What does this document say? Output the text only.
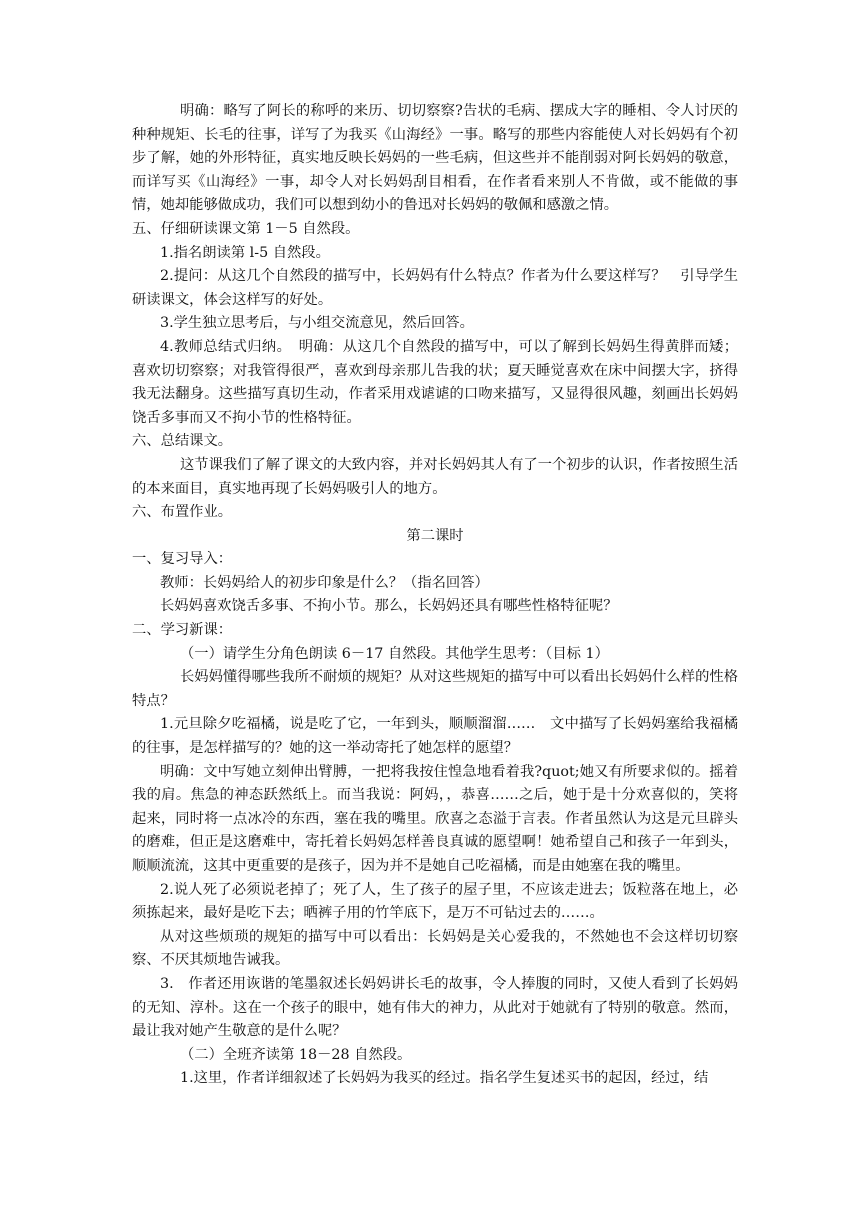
明确：略写了阿长的称呼的来历、切切察察?告状的毛病、摆成大字的睡相、令人讨厌的种种规矩、长毛的往事，详写了为我买《山海经》一事。略写的那些内容能使人对长妈妈有个初步了解，她的外形特征，真实地反映长妈妈的一些毛病，但这些并不能削弱对阿长妈妈的敬意，而详写买《山海经》一事，却令人对长妈妈刮目相看，在作者看来别人不肯做，或不能做的事情，她却能够做成功，我们可以想到幼小的鲁迅对长妈妈的敬佩和感激之情。

五、仔细研读课文第 1－5 自然段。

1.指名朗读第 l-5 自然段。

2.提问：从这几个自然段的描写中，长妈妈有什么特点？作者为什么要这样写？　引导学生研读课文，体会这样写的好处。

3.学生独立思考后，与小组交流意见，然后回答。

4.教师总结式归纳。　明确：从这几个自然段的描写中，可以了解到长妈妈生得黄胖而矮；喜欢切切察察；对我管得很严，喜欢到母亲那儿告我的状；夏天睡觉喜欢在床中间摆大字，挤得我无法翻身。这些描写真切生动，作者采用戏谑谑的口吻来描写，又显得很风趣，刻画出长妈妈饶舌多事而又不拘小节的性格特征。

六、总结课文。

这节课我们了解了课文的大致内容，并对长妈妈其人有了一个初步的认识，作者按照生活的本来面目，真实地再现了长妈妈吸引人的地方。

六、布置作业。

第二课时

一、复习导入：

教师：长妈妈给人的初步印象是什么？（指名回答）

长妈妈喜欢饶舌多事、不拘小节。那么，长妈妈还具有哪些性格特征呢？

二、学习新课：

（一）请学生分角色朗读 6－17 自然段。其他学生思考：（目标 1）

长妈妈懂得哪些我所不耐烦的规矩？从对这些规矩的描写中可以看出长妈妈什么样的性格特点？

1.元旦除夕吃福橘，说是吃了它，一年到头，顺顺溜溜……　文中描写了长妈妈塞给我福橘的往事，是怎样描写的？她的这一举动寄托了她怎样的愿望？

明确：文中写她立刻伸出臂膊，一把将我按住惶急地看着我?quot;她又有所要求似的。摇着我的肩。焦急的神态跃然纸上。而当我说：阿妈，，恭喜……之后，她于是十分欢喜似的，笑将起来，同时将一点冰冷的东西，塞在我的嘴里。欣喜之态溢于言表。作者虽然认为这是元旦辟头的磨难，但正是这磨难中，寄托着长妈妈怎样善良真诚的愿望啊！她希望自己和孩子一年到头，顺顺流流，这其中更重要的是孩子，因为并不是她自己吃福橘，而是由她塞在我的嘴里。

2.说人死了必须说老掉了；死了人，生了孩子的屋子里，不应该走进去；饭粒落在地上，必须拣起来，最好是吃下去；晒裤子用的竹竿底下，是万不可钻过去的……。

从对这些烦琐的规矩的描写中可以看出：长妈妈是关心爱我的，不然她也不会这样切切察察、不厌其烦地告诫我。

3.　作者还用诙谐的笔墨叙述长妈妈讲长毛的故事，令人捧腹的同时，又使人看到了长妈妈的无知、淳朴。这在一个孩子的眼中，她有伟大的神力，从此对于她就有了特别的敬意。然而，最让我对她产生敬意的是什么呢？

（二）全班齐读第 18－28 自然段。

1.这里，作者详细叙述了长妈妈为我买的经过。指名学生复述买书的起因，经过，结
